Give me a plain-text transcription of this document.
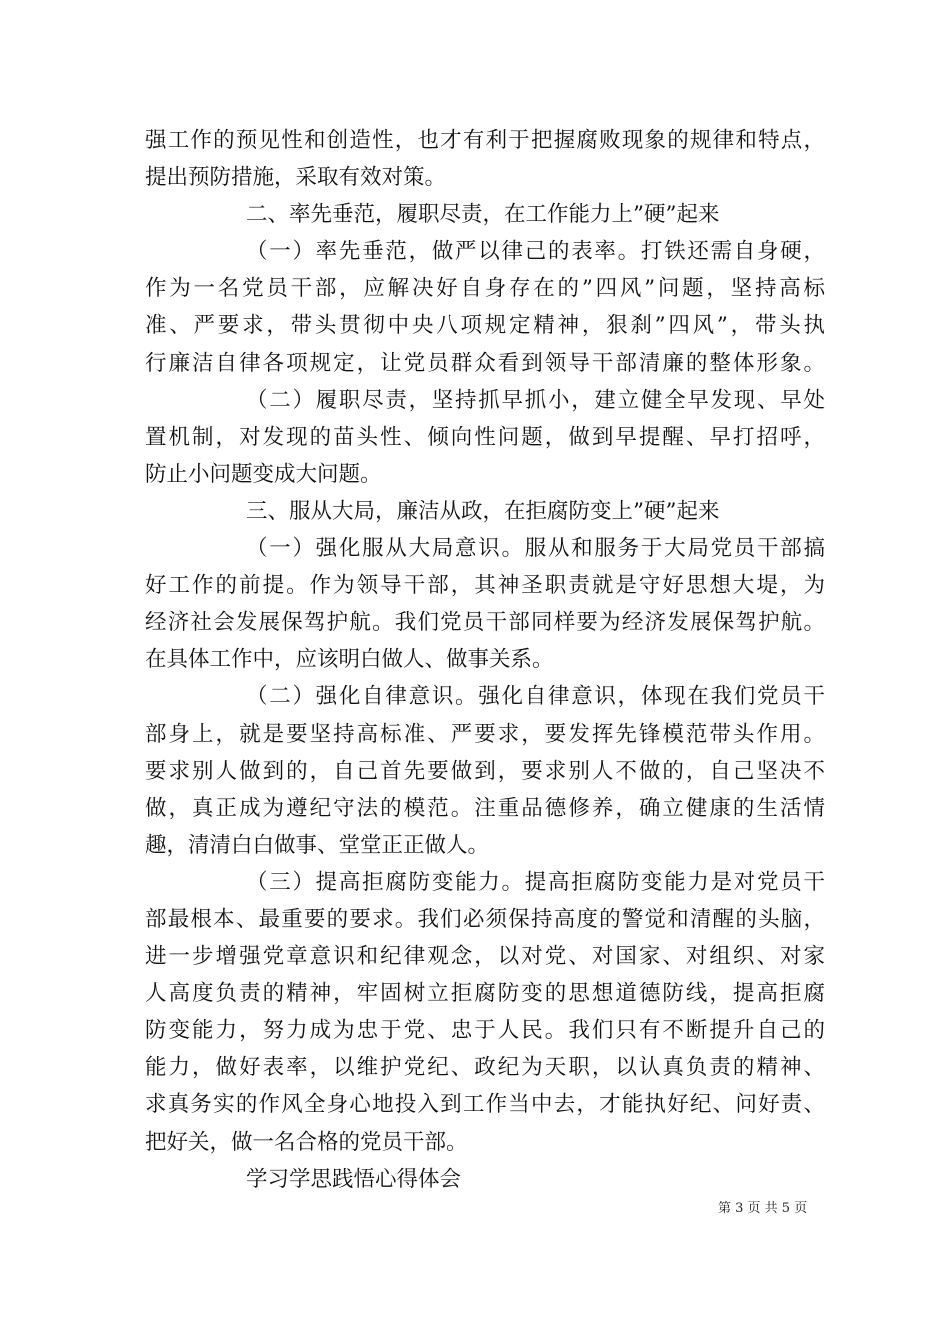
强工作的预见性和创造性，也才有利于把握腐败现象的规律和特点，
提出预防措施，采取有效对策。
二、率先垂范，履职尽责，在工作能力上”硬”起来
（一）率先垂范，做严以律己的表率。打铁还需自身硬，
作为一名党员干部，应解决好自身存在的”四风”问题，坚持高标
准、严要求，带头贯彻中央八项规定精神，狠刹”四风”，带头执
行廉洁自律各项规定，让党员群众看到领导干部清廉的整体形象。
（二）履职尽责，坚持抓早抓小，建立健全早发现、早处
置机制，对发现的苗头性、倾向性问题，做到早提醒、早打招呼，
防止小问题变成大问题。
三、服从大局，廉洁从政，在拒腐防变上”硬”起来
（一）强化服从大局意识。服从和服务于大局党员干部搞
好工作的前提。作为领导干部，其神圣职责就是守好思想大堤，为
经济社会发展保驾护航。我们党员干部同样要为经济发展保驾护航。
在具体工作中，应该明白做人、做事关系。
（二）强化自律意识。强化自律意识，体现在我们党员干
部身上，就是要坚持高标准、严要求，要发挥先锋模范带头作用。
要求别人做到的，自己首先要做到，要求别人不做的，自己坚决不
做，真正成为遵纪守法的模范。注重品德修养，确立健康的生活情
趣，清清白白做事、堂堂正正做人。
（三）提高拒腐防变能力。提高拒腐防变能力是对党员干
部最根本、最重要的要求。我们必须保持高度的警觉和清醒的头脑，
进一步增强党章意识和纪律观念，以对党、对国家、对组织、对家
人高度负责的精神，牢固树立拒腐防变的思想道德防线，提高拒腐
防变能力，努力成为忠于党、忠于人民。我们只有不断提升自己的
能力，做好表率，以维护党纪、政纪为天职，以认真负责的精神、
求真务实的作风全身心地投入到工作当中去，才能执好纪、问好责、
把好关，做一名合格的党员干部。
学习学思践悟心得体会
第 3 页 共 5 页
